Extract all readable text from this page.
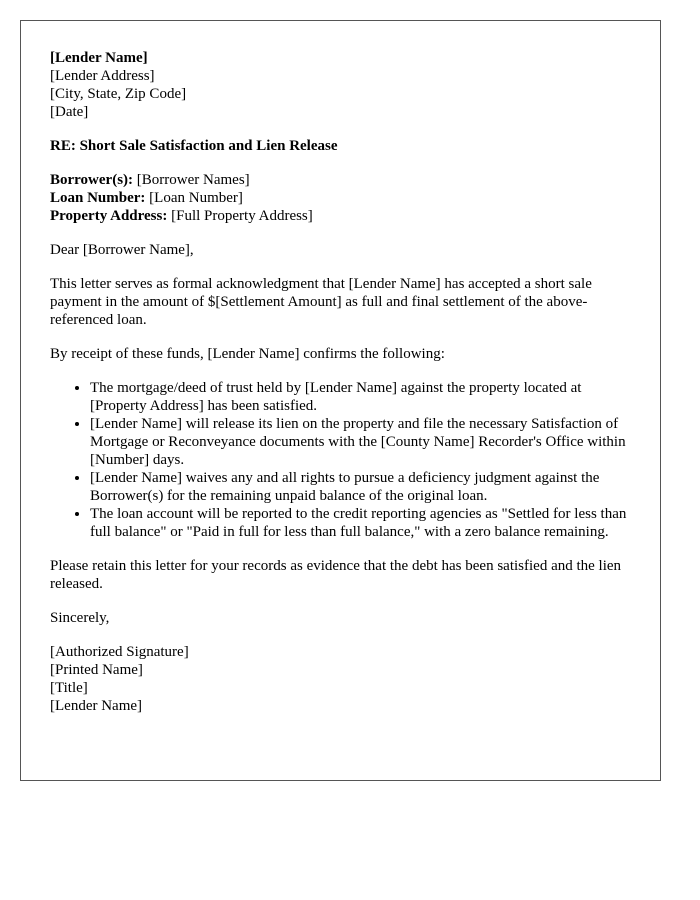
[Lender Name]
[Lender Address]
[City, State, Zip Code]
[Date]

RE: Short Sale Satisfaction and Lien Release

Borrower(s): [Borrower Names]
Loan Number: [Loan Number]
Property Address: [Full Property Address]

Dear [Borrower Name],

This letter serves as formal acknowledgment that [Lender Name] has accepted a short sale payment in the amount of $[Settlement Amount] as full and final settlement of the above-referenced loan.

By receipt of these funds, [Lender Name] confirms the following:

• The mortgage/deed of trust held by [Lender Name] against the property located at [Property Address] has been satisfied.
• [Lender Name] will release its lien on the property and file the necessary Satisfaction of Mortgage or Reconveyance documents with the [County Name] Recorder's Office within [Number] days.
• [Lender Name] waives any and all rights to pursue a deficiency judgment against the Borrower(s) for the remaining unpaid balance of the original loan.
• The loan account will be reported to the credit reporting agencies as "Settled for less than full balance" or "Paid in full for less than full balance," with a zero balance remaining.

Please retain this letter for your records as evidence that the debt has been satisfied and the lien released.

Sincerely,

[Authorized Signature]
[Printed Name]
[Title]
[Lender Name]
